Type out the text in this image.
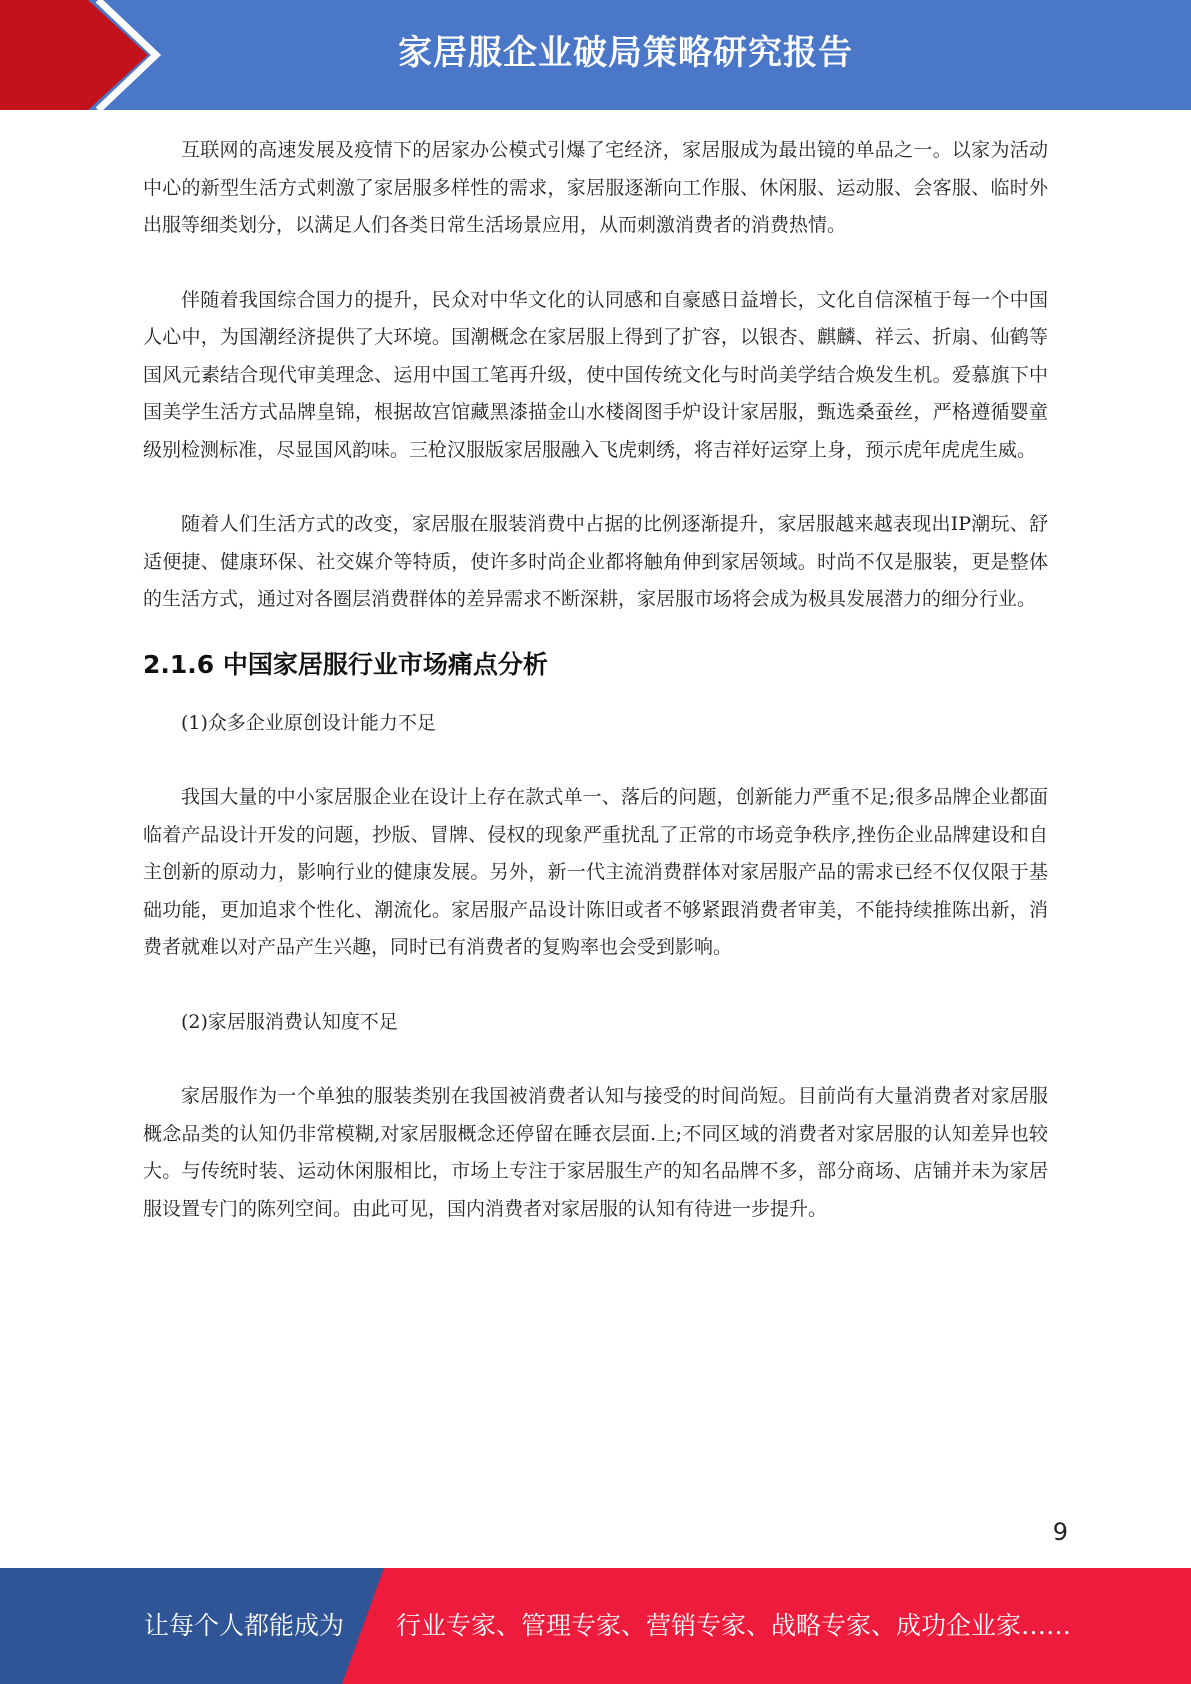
家居服企业破局策略研究报告

互联网的高速发展及疫情下的居家办公模式引爆了宅经济，家居服成为最出镜的单品之一。以家为活动中心的新型生活方式刺激了家居服多样性的需求，家居服逐渐向工作服、休闲服、运动服、会客服、临时外出服等细类划分，以满足人们各类日常生活场景应用，从而刺激消费者的消费热情。

伴随着我国综合国力的提升，民众对中华文化的认同感和自豪感日益增长，文化自信深植于每一个中国人心中，为国潮经济提供了大环境。国潮概念在家居服上得到了扩容，以银杏、麒麟、祥云、折扇、仙鹤等国风元素结合现代审美理念、运用中国工笔再升级，使中国传统文化与时尚美学结合焕发生机。爱慕旗下中国美学生活方式品牌皇锦，根据故宫馆藏黑漆描金山水楼阁图手炉设计家居服，甄选桑蚕丝，严格遵循婴童级别检测标准，尽显国风韵味。三枪汉服版家居服融入飞虎刺绣，将吉祥好运穿上身，预示虎年虎虎生威。

随着人们生活方式的改变，家居服在服装消费中占据的比例逐渐提升，家居服越来越表现出IP潮玩、舒适便捷、健康环保、社交媒介等特质，使许多时尚企业都将触角伸到家居领域。时尚不仅是服装，更是整体的生活方式，通过对各圈层消费群体的差异需求不断深耕，家居服市场将会成为极具发展潜力的细分行业。

2.1.6 中国家居服行业市场痛点分析

(1)众多企业原创设计能力不足

我国大量的中小家居服企业在设计上存在款式单一、落后的问题，创新能力严重不足;很多品牌企业都面临着产品设计开发的问题，抄版、冒牌、侵权的现象严重扰乱了正常的市场竞争秩序,挫伤企业品牌建设和自主创新的原动力，影响行业的健康发展。另外，新一代主流消费群体对家居服产品的需求已经不仅仅限于基础功能，更加追求个性化、潮流化。家居服产品设计陈旧或者不够紧跟消费者审美，不能持续推陈出新，消费者就难以对产品产生兴趣，同时已有消费者的复购率也会受到影响。

(2)家居服消费认知度不足

家居服作为一个单独的服装类别在我国被消费者认知与接受的时间尚短。目前尚有大量消费者对家居服概念品类的认知仍非常模糊,对家居服概念还停留在睡衣层面.上;不同区域的消费者对家居服的认知差异也较大。与传统时装、运动休闲服相比，市场上专注于家居服生产的知名品牌不多，部分商场、店铺并未为家居服设置专门的陈列空间。由此可见，国内消费者对家居服的认知有待进一步提升。

9
让每个人都能成为 行业专家、管理专家、营销专家、战略专家、成功企业家……
